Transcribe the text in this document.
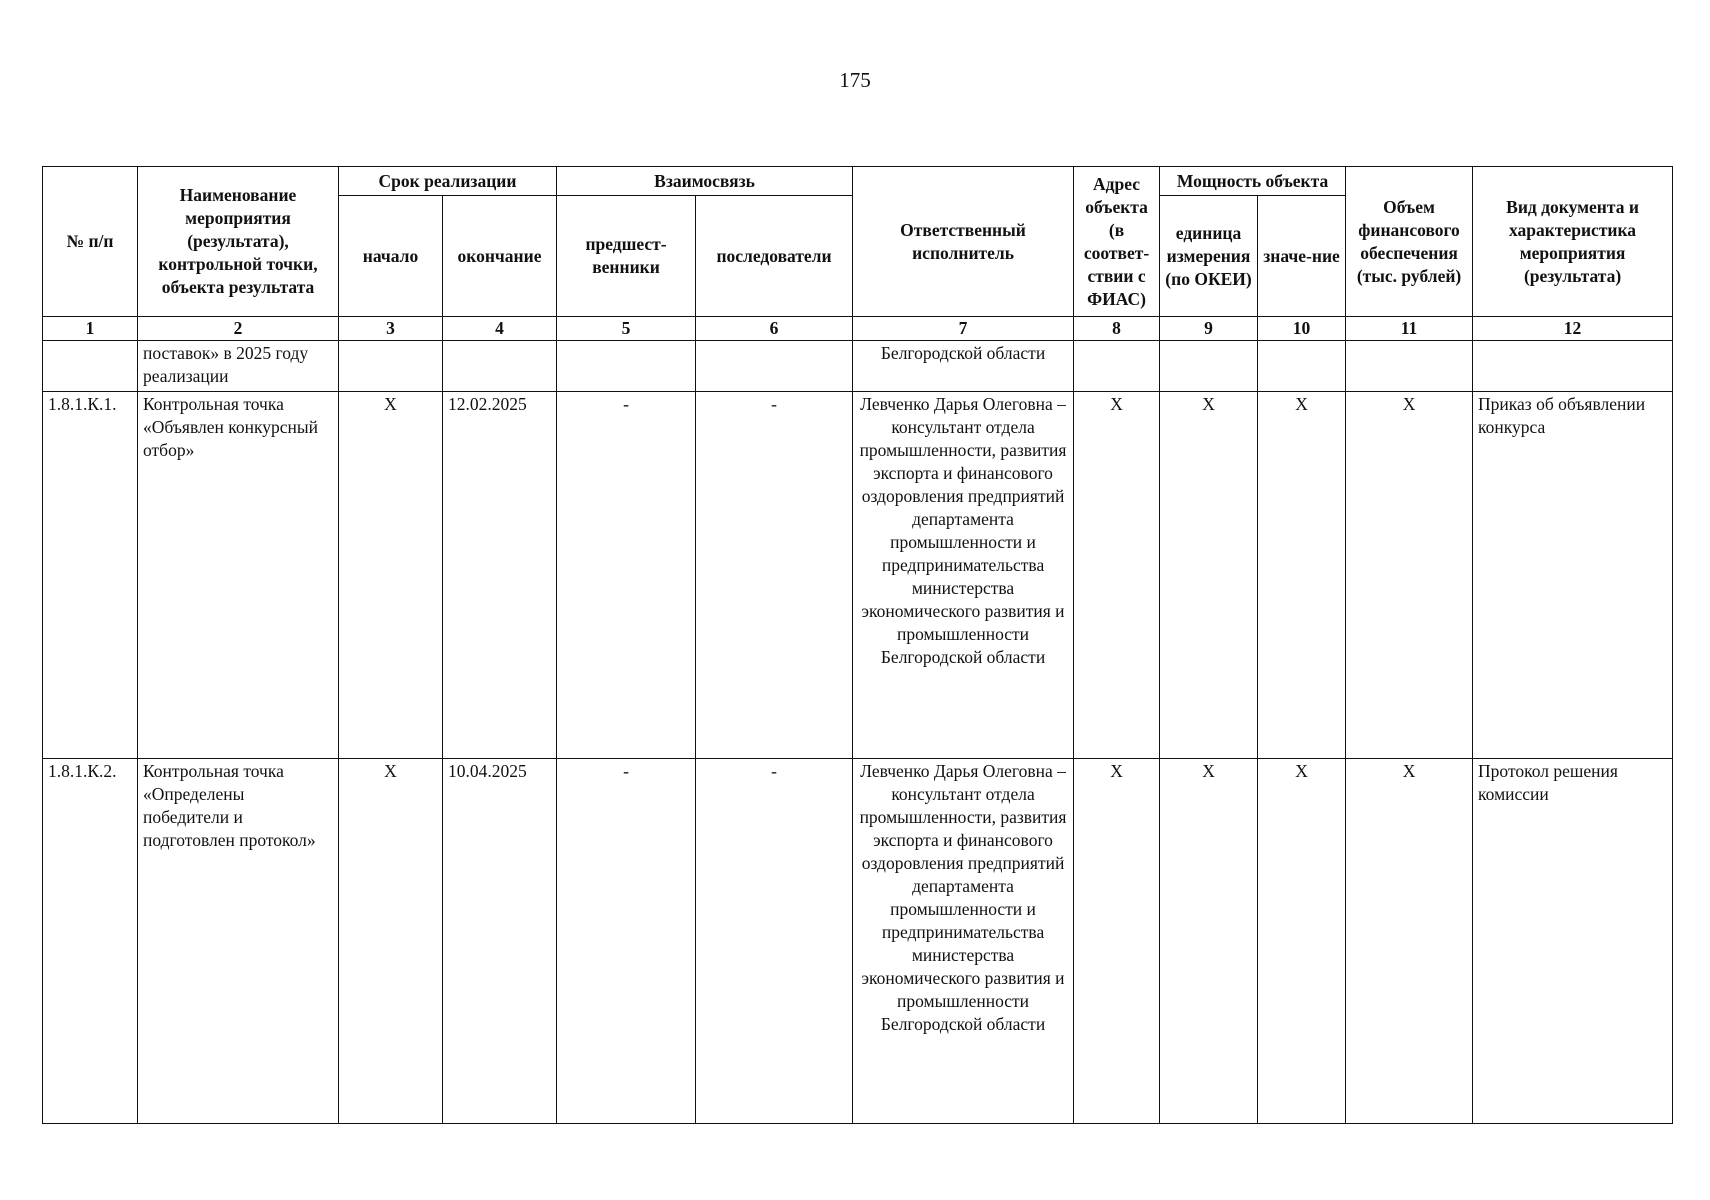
175
№ п/п	Наименование мероприятия (результата), контрольной точки, объекта результата	Срок реализации		Взаимосвязь		Ответственный исполнитель	Адрес объекта (в соответ-ствии с ФИАС)	Мощность объекта		Объем финансового обеспечения (тыс. рублей)	Вид документа и характеристика мероприятия (результата)
		начало	окончание	предшест-венники	последователи			единица измерения (по ОКЕИ)	значе-ние		
1	2	3	4	5	6	7	8	9	10	11	12
	поставок» в 2025 году реализации					Белгородской области					
1.8.1.К.1.	Контрольная точка «Объявлен конкурсный отбор»	X	12.02.2025	-	-	Левченко Дарья Олеговна – консультант отдела промышленности, развития экспорта и финансового оздоровления предприятий департамента промышленности и предпринимательства министерства экономического развития и промышленности Белгородской области	X	X	X	X	Приказ об объявлении конкурса
1.8.1.К.2.	Контрольная точка «Определены победители и подготовлен протокол»	X	10.04.2025	-	-	Левченко Дарья Олеговна – консультант отдела промышленности, развития экспорта и финансового оздоровления предприятий департамента промышленности и предпринимательства министерства экономического развития и промышленности Белгородской области	X	X	X	X	Протокол решения комиссии
